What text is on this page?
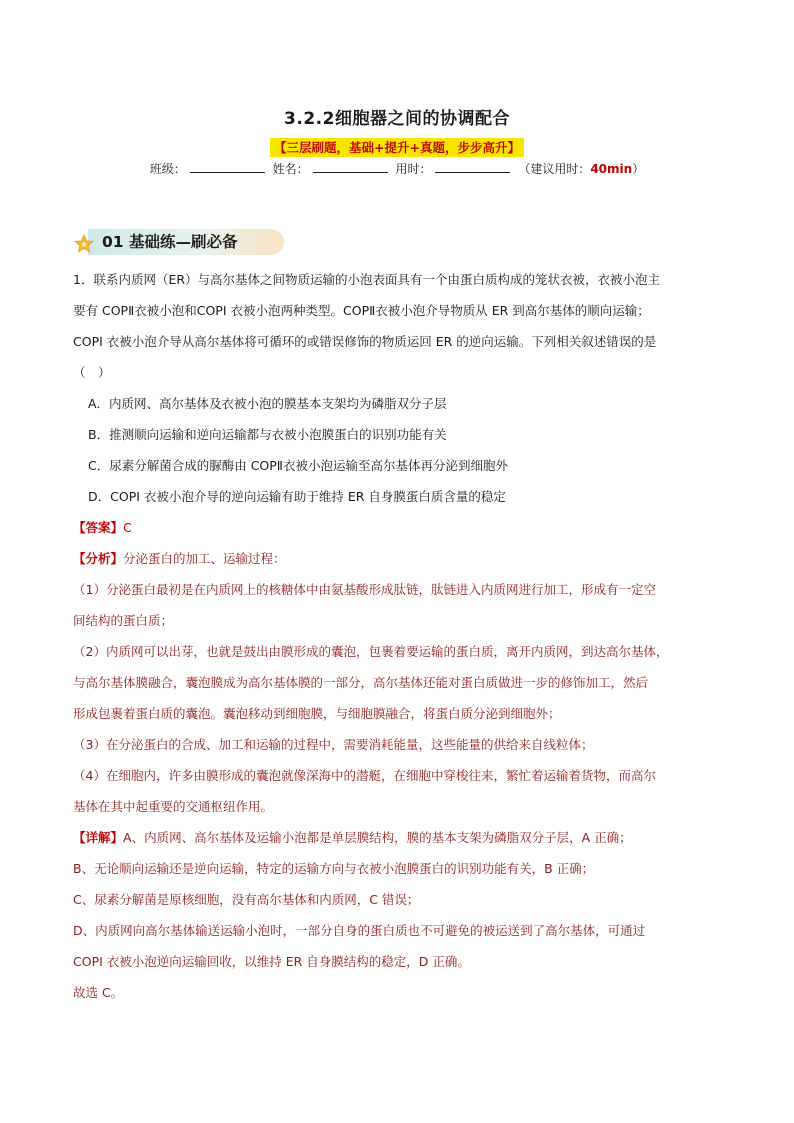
3.2.2细胞器之间的协调配合
【三层刷题，基础+提升+真题，步步高升】
班级：	姓名：	用时：	（建议用时：40min）
01 基础练—刷必备

1．联系内质网（ER）与高尔基体之间物质运输的小泡表面具有一个由蛋白质构成的笼状衣被，衣被小泡主

要有 COPⅡ衣被小泡和COPI 衣被小泡两种类型。COPⅡ衣被小泡介导物质从 ER 到高尔基体的顺向运输；

COPI 衣被小泡介导从高尔基体将可循环的或错误修饰的物质运回 ER 的逆向运输。下列相关叙述错误的是

（　）

A．内质网、高尔基体及衣被小泡的膜基本支架均为磷脂双分子层

B．推测顺向运输和逆向运输都与衣被小泡膜蛋白的识别功能有关

C．尿素分解菌合成的脲酶由 COPⅡ衣被小泡运输至高尔基体再分泌到细胞外

D．COPI 衣被小泡介导的逆向运输有助于维持 ER 自身膜蛋白质含量的稳定

【答案】C

【分析】分泌蛋白的加工、运输过程：

（1）分泌蛋白最初是在内质网上的核糖体中由氨基酸形成肽链，肽链进入内质网进行加工，形成有一定空

间结构的蛋白质；

（2）内质网可以出芽，也就是鼓出由膜形成的囊泡，包裹着要运输的蛋白质，离开内质网，到达高尔基体，

与高尔基体膜融合，囊泡膜成为高尔基体膜的一部分，高尔基体还能对蛋白质做进一步的修饰加工，然后

形成包裹着蛋白质的囊泡。囊泡移动到细胞膜，与细胞膜融合，将蛋白质分泌到细胞外；

（3）在分泌蛋白的合成、加工和运输的过程中，需要消耗能量，这些能量的供给来自线粒体；

（4）在细胞内，许多由膜形成的囊泡就像深海中的潜艇，在细胞中穿梭往来，繁忙着运输着货物，而高尔

基体在其中起重要的交通枢纽作用。

【详解】A、内质网、高尔基体及运输小泡都是单层膜结构，膜的基本支架为磷脂双分子层，A 正确；

B、无论顺向运输还是逆向运输，特定的运输方向与衣被小泡膜蛋白的识别功能有关，B 正确；

C、尿素分解菌是原核细胞，没有高尔基体和内质网，C 错误；

D、内质网向高尔基体输送运输小泡时，一部分自身的蛋白质也不可避免的被运送到了高尔基体，可通过

COPI 衣被小泡逆向运输回收，以维持 ER 自身膜结构的稳定，D 正确。

故选 C。
